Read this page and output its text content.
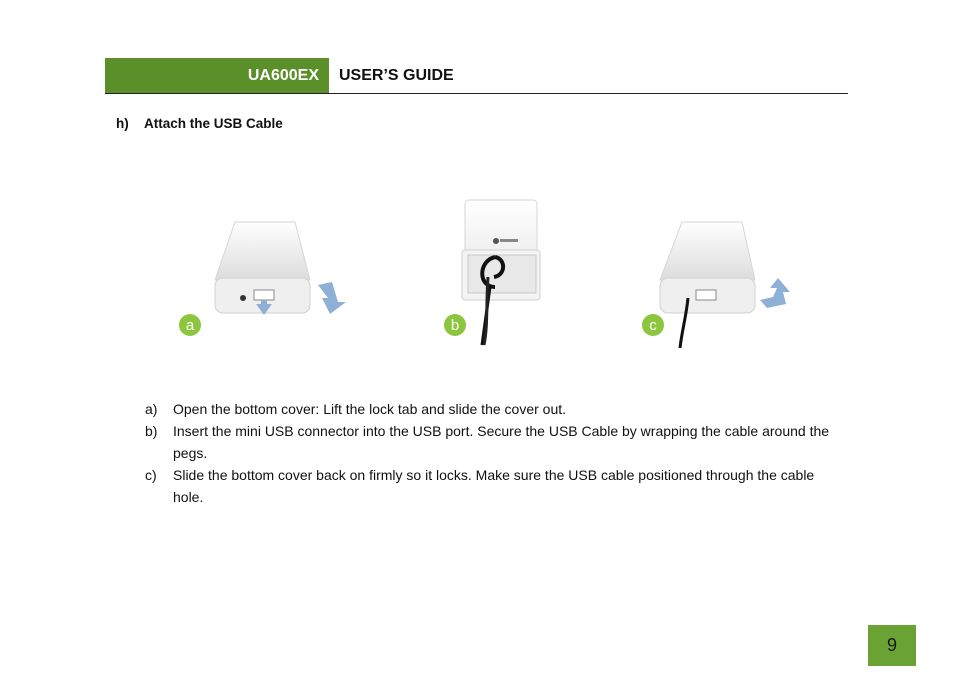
UA600EX USER’S GUIDE
h) Attach the USB Cable
a	b	c
a)	Open the bottom cover: Lift the lock tab and slide the cover out.
b)	Insert the mini USB connector into the USB port. Secure the USB Cable by wrapping the cable around the pegs.
c)	Slide the bottom cover back on firmly so it locks. Make sure the USB cable positioned through the cable hole.
9
